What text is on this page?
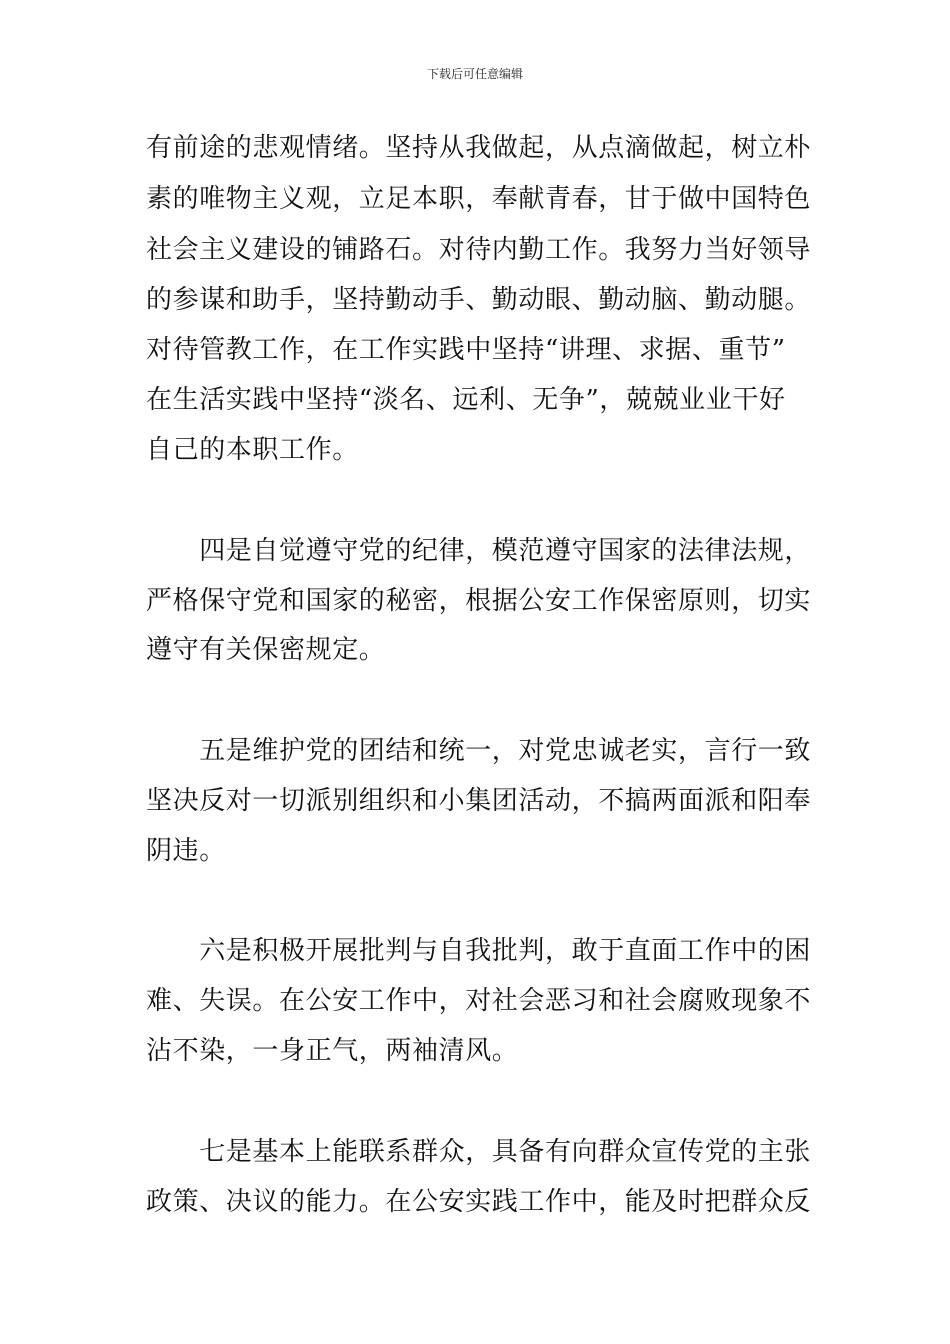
下载后可任意编辑
有前途的悲观情绪。坚持从我做起，从点滴做起，树立朴
素的唯物主义观，立足本职，奉献青春，甘于做中国特色
社会主义建设的铺路石。对待内勤工作。我努力当好领导
的参谋和助手，坚持勤动手、勤动眼、勤动脑、勤动腿。
对待管教工作，在工作实践中坚持“讲理、求据、重节”
在生活实践中坚持“淡名、远利、无争”，兢兢业业干好
自己的本职工作。
　　四是自觉遵守党的纪律，模范遵守国家的法律法规，
严格保守党和国家的秘密，根据公安工作保密原则，切实
遵守有关保密规定。
　　五是维护党的团结和统一，对党忠诚老实，言行一致
坚决反对一切派别组织和小集团活动，不搞两面派和阳奉
阴违。
　　六是积极开展批判与自我批判，敢于直面工作中的困
难、失误。在公安工作中，对社会恶习和社会腐败现象不
沾不染，一身正气，两袖清风。
　　七是基本上能联系群众，具备有向群众宣传党的主张
政策、决议的能力。在公安实践工作中，能及时把群众反
